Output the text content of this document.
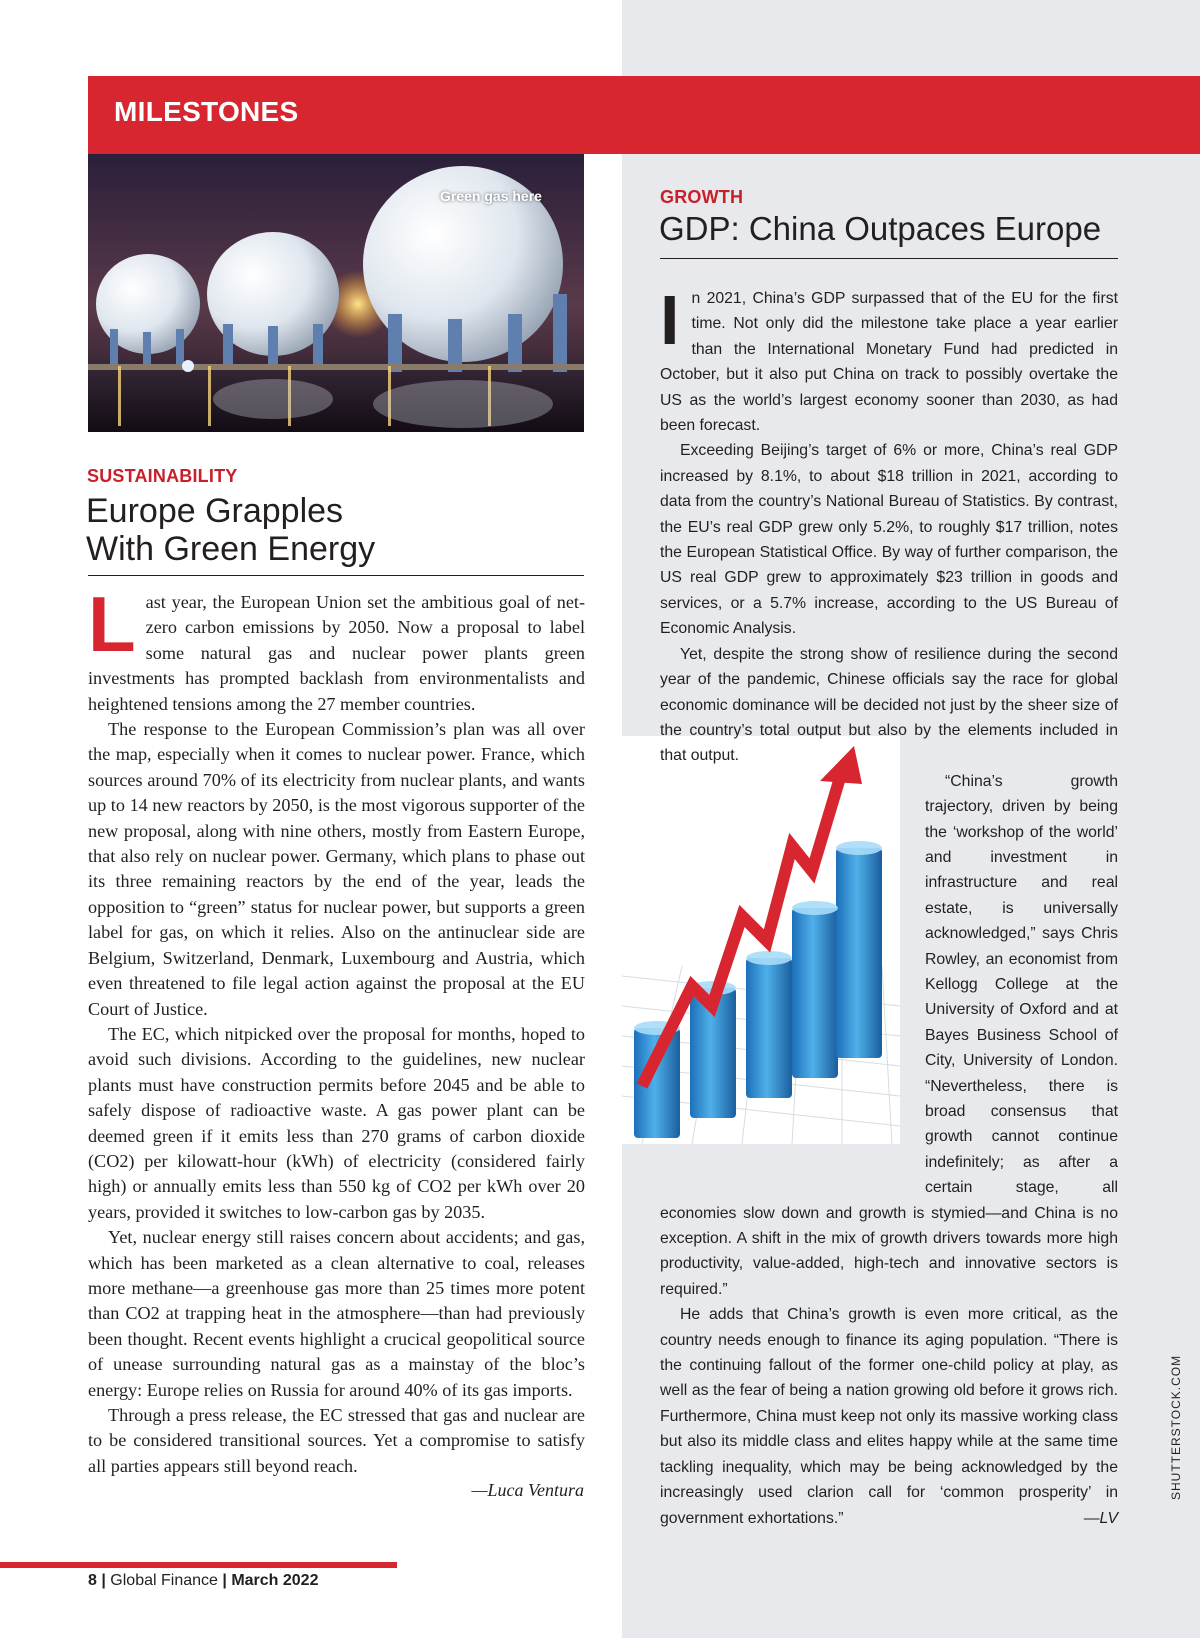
MILESTONES
Green gas here
SUSTAINABILITY
Europe Grapples
With Green Energy

Last year, the European Union set the ambitious goal of net-zero carbon emissions by 2050. Now a proposal to label some natural gas and nuclear power plants green investments has prompted backlash from environmentalists and heightened tensions among the 27 member countries.

The response to the European Commission’s plan was all over the map, especially when it comes to nuclear power. France, which sources around 70% of its electricity from nuclear plants, and wants up to 14 new reactors by 2050, is the most vigorous supporter of the new proposal, along with nine others, mostly from Eastern Europe, that also rely on nuclear power. Germany, which plans to phase out its three remaining reactors by the end of the year, leads the opposition to “green” status for nuclear power, but supports a green label for gas, on which it relies. Also on the antinuclear side are Belgium, Switzerland, Denmark, Luxembourg and Austria, which even threatened to file legal action against the proposal at the EU Court of Justice.

The EC, which nitpicked over the proposal for months, hoped to avoid such divisions. According to the guidelines, new nuclear plants must have construction permits before 2045 and be able to safely dispose of radioactive waste. A gas power plant can be deemed green if it emits less than 270 grams of carbon dioxide (CO2) per kilowatt-hour (kWh) of electricity (considered fairly high) or annually emits less than 550 kg of CO2 per kWh over 20 years, provided it switches to low-carbon gas by 2035.

Yet, nuclear energy still raises concern about accidents; and gas, which has been marketed as a clean alternative to coal, releases more methane—a greenhouse gas more than 25 times more potent than CO2 at trapping heat in the atmosphere—than had previously been thought. Recent events highlight a crucical geopolitical source of unease surrounding natural gas as a mainstay of the bloc’s energy: Europe relies on Russia for around 40% of its gas imports.

Through a press release, the EC stressed that gas and nuclear are to be considered transitional sources. Yet a compromise to satisfy all parties appears still beyond reach.

—Luca Ventura
GROWTH
GDP: China Outpaces Europe

In 2021, China’s GDP surpassed that of the EU for the first time. Not only did the milestone take place a year earlier than the International Monetary Fund had predicted in October, but it also put China on track to possibly overtake the US as the world’s largest economy sooner than 2030, as had been forecast.

Exceeding Beijing’s target of 6% or more, China’s real GDP increased by 8.1%, to about $18 trillion in 2021, according to data from the country’s National Bureau of Statistics. By contrast, the EU’s real GDP grew only 5.2%, to roughly $17 trillion, notes the European Statistical Office. By way of further comparison, the US real GDP grew to approximately $23 trillion in goods and services, or a 5.7% increase, according to the US Bureau of Economic Analysis.

Yet, despite the strong show of resilience during the second year of the pandemic, Chinese officials say the race for global economic dominance will be decided not just by the sheer size of the country’s total output but also by the elements included in that output.

“China’s growth trajectory, driven by being the ‘workshop of the world’ and investment in infrastructure and real estate, is universally acknowledged,” says Chris Rowley, an economist from Kellogg College at the University of Oxford and at Bayes Business School of City, University of London. “Nevertheless, there is broad consensus that growth cannot continue indefinitely; as after a certain stage, all economies slow down and growth is stymied—and China is no exception. A shift in the mix of growth drivers towards more high productivity, value-added, high-tech and innovative sectors is required.”

He adds that China’s growth is even more critical, as the country needs enough to finance its aging population. “There is the continuing fallout of the former one-child policy at play, as well as the fear of being a nation growing old before it grows rich. Furthermore, China must keep not only its massive working class but also its middle class and elites happy while at the same time tackling inequality, which may be being acknowledged by the increasingly used clarion call for ‘common prosperity’ in government exhortations.”	—LV

SHUTTERSTOCK.COM
8 | Global Finance | March 2022
